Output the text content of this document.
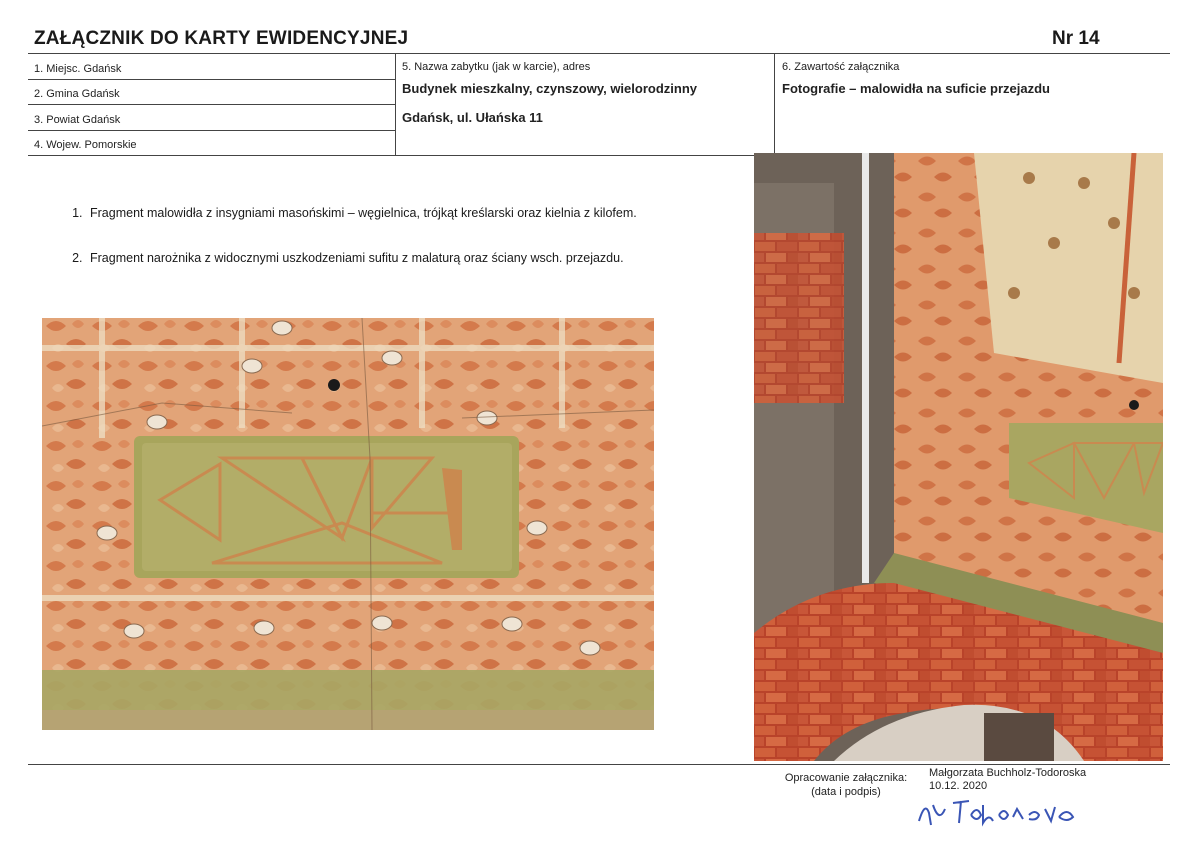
ZAŁĄCZNIK DO KARTY EWIDENCYJNEJ	Nr 14
1. Miejsc. Gdańsk
2. Gmina Gdańsk
3. Powiat Gdańsk
4. Wojew. Pomorskie
5. Nazwa zabytku (jak w karcie), adres
Budynek mieszkalny, czynszowy, wielorodzinny
Gdańsk, ul. Ułańska 11
6. Zawartość załącznika
Fotografie – malowidła na suficie przejazdu
1. Fragment malowidła z insygniami masońskimi – węgielnica, trójkąt kreślarski oraz kielnia z kilofem.
2. Fragment narożnika z widocznymi uszkodzeniami sufitu z malaturą oraz ściany wsch. przejazdu.
Opracowanie załącznika:
(data i podpis)
Małgorzata Buchholz-Todoroska
10.12. 2020
